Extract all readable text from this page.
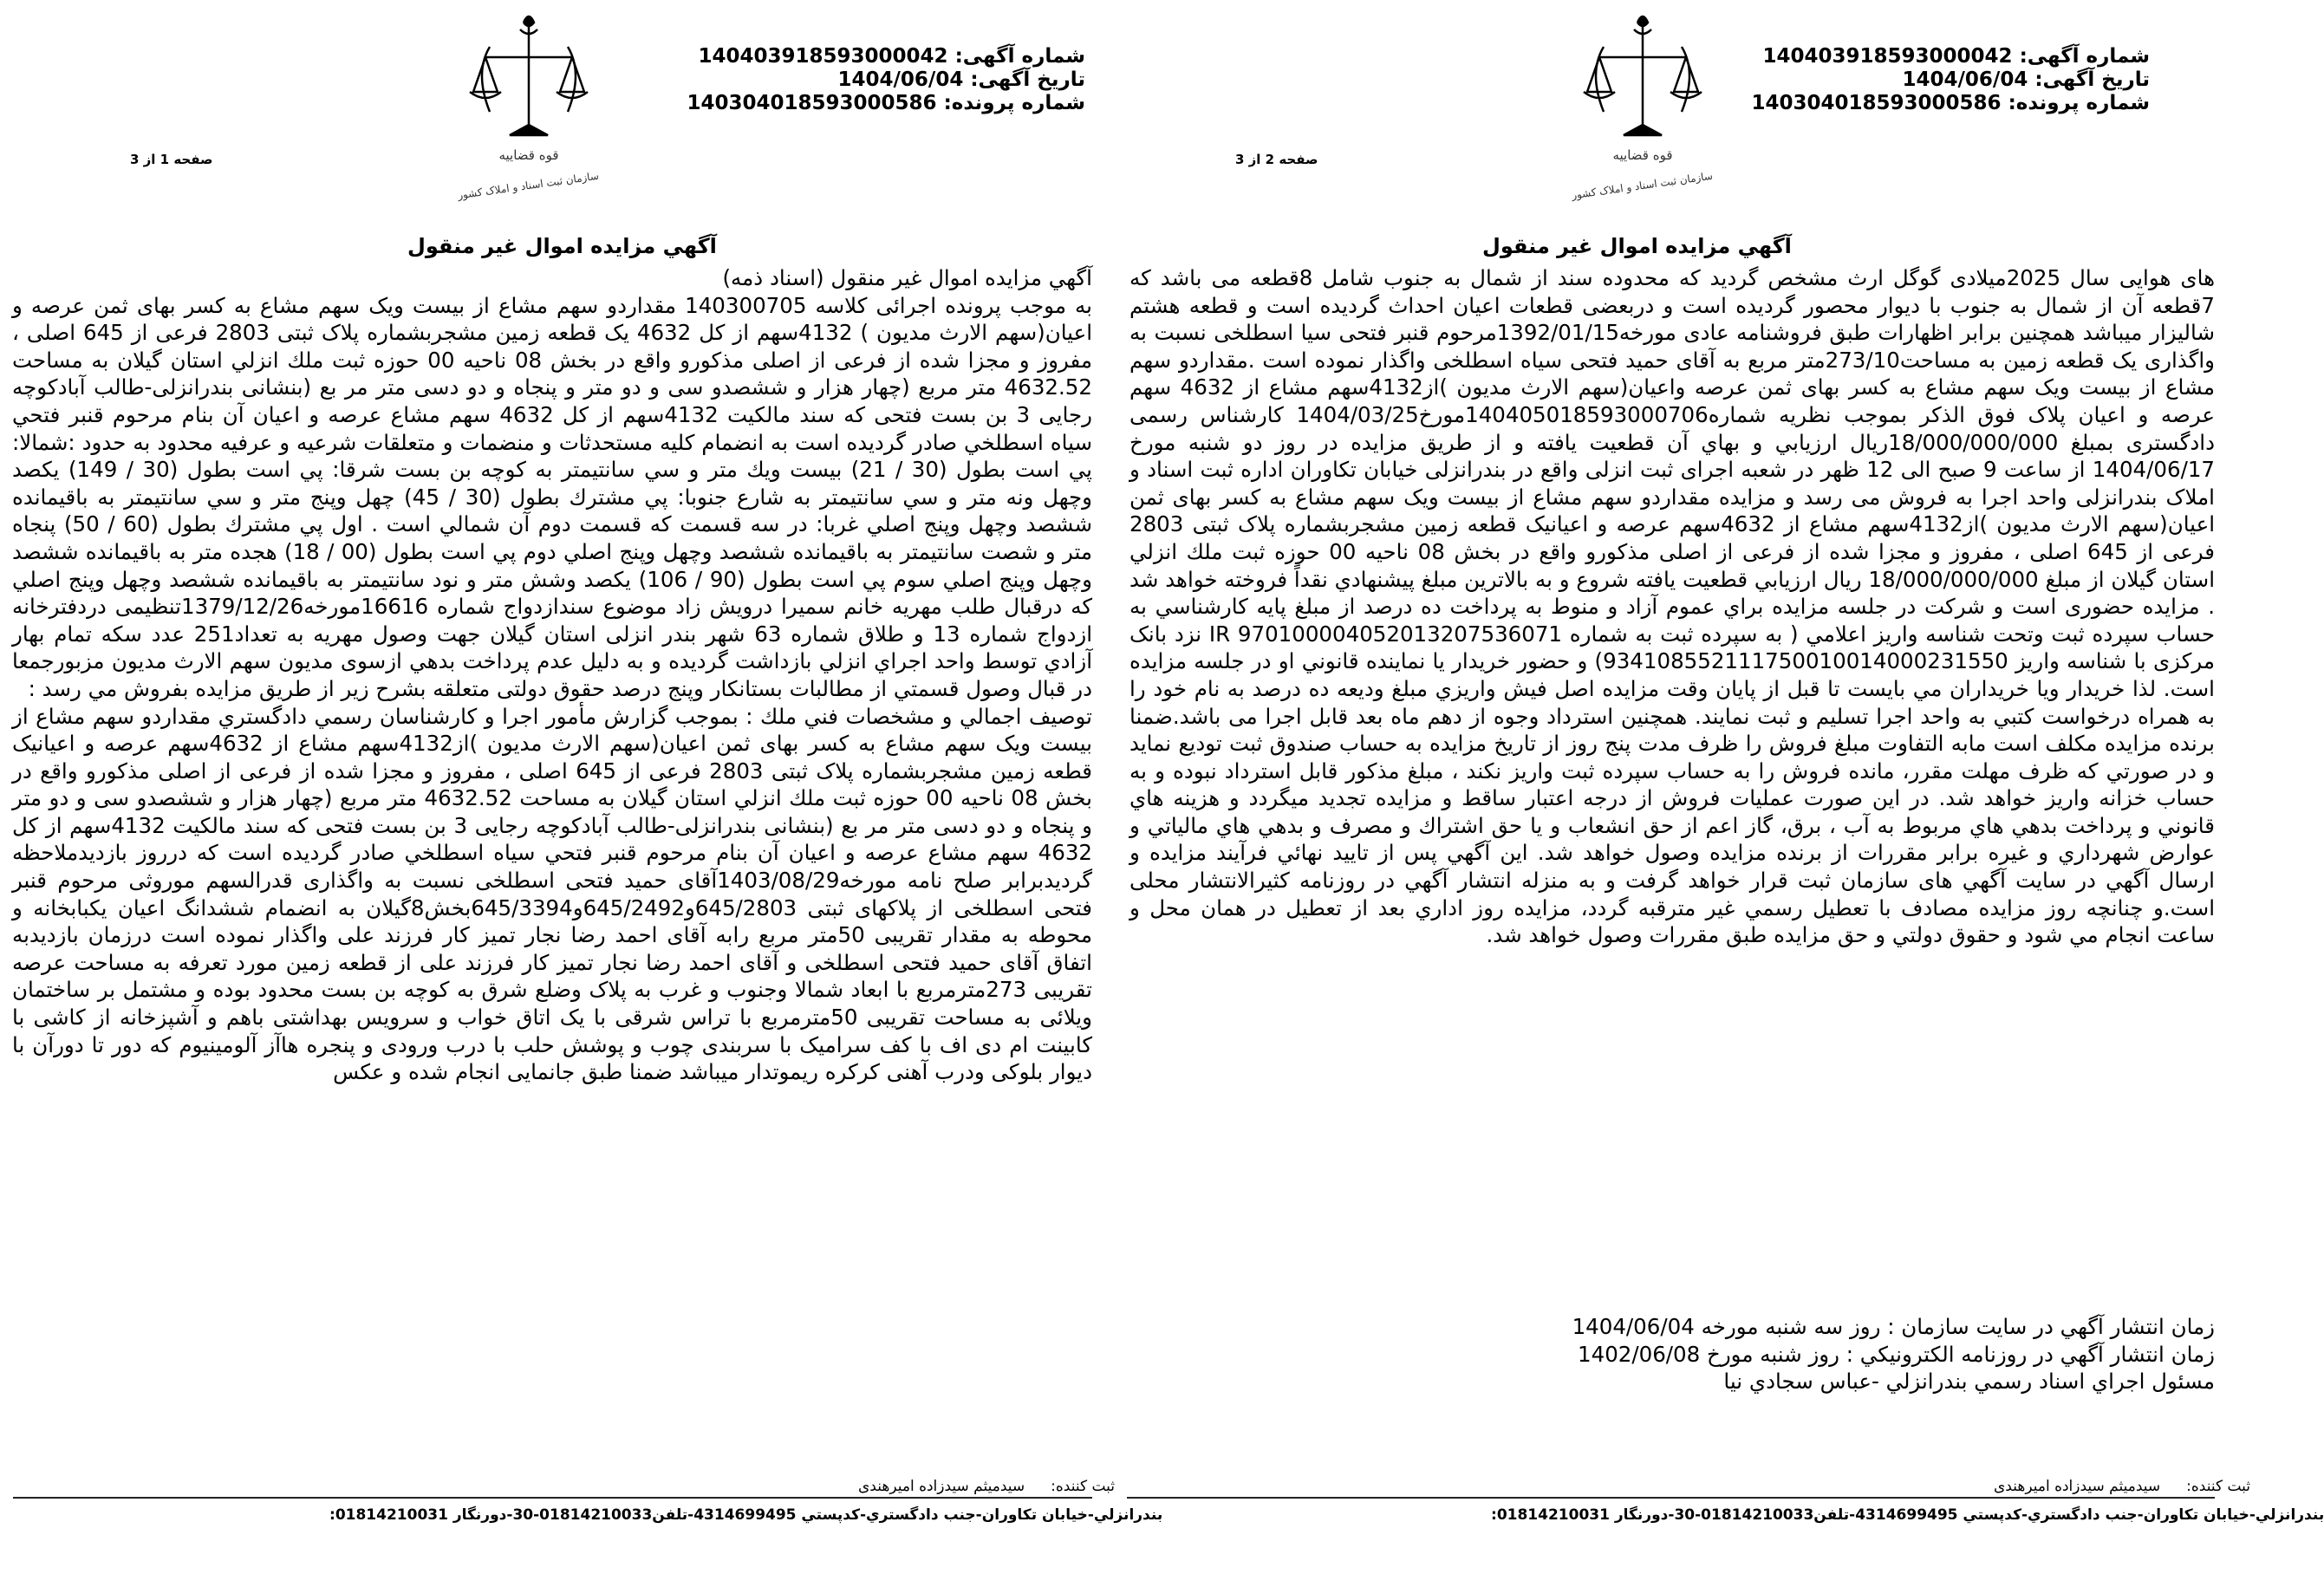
شماره آگهی: 140403918593000042
تاریخ آگهی: 1404/06/04
شماره پرونده: 140304018593000586
قوه قضاییه
سازمان ثبت اسناد و املاک کشور
صفحه 1 از 3
آگهي مزايده اموال غير منقول

آگهي مزايده اموال غير منقول (اسناد ذمه)

به موجب پرونده اجرائی کلاسه 140300705 مقداردو سهم مشاع از بیست ویک سهم مشاع به کسر بهای ثمن عرصه و اعیان(سهم الارث مدیون ) 4132سهم از کل 4632 یک قطعه زمین مشجربشماره پلاک ثبتی 2803 فرعی از 645 اصلی ، مفروز و مجزا شده از فرعی از اصلی مذکورو واقع در بخش 08 ناحيه 00 حوزه ثبت ملك انزلي استان گیلان به مساحت 4632.52 متر مربع (چهار هزار و ششصدو سی و دو متر و پنجاه و دو دسی متر مر بع (بنشانی بندرانزلی-طالب آبادکوچه رجایی 3 بن بست فتحی که سند مالکیت 4132سهم از کل 4632 سهم مشاع عرصه و اعيان آن بنام مرحوم قنبر فتحي سياه اسطلخي صادر گرديده است به انضمام كليه مستحدثات و منضمات و متعلقات شرعيه و عرفيه محدود به حدود :شمالا: پي است بطول (30 / 21) بيست ويك متر و سي سانتيمتر به كوچه بن بست شرقا: پي است بطول (30 / 149) يكصد وچهل ونه متر و سي سانتيمتر به شارع جنوبا: پي مشترك بطول (30 / 45) چهل وپنج متر و سي سانتيمتر به باقيمانده ششصد وچهل وپنج اصلي غربا: در سه قسمت كه قسمت دوم آن شمالي است . اول پي مشترك بطول (60 / 50) پنجاه متر و شصت سانتيمتر به باقيمانده ششصد وچهل وپنج اصلي دوم پي است بطول (00 / 18) هجده متر به باقيمانده ششصد وچهل وپنج اصلي سوم پي است بطول (90 / 106) يكصد وشش متر و نود سانتيمتر به باقيمانده ششصد وچهل وپنج اصلي كه درقبال طلب مهریه خانم سمیرا درویش زاد موضوع سندازدواج شماره 16616مورخه1379/12/26تنظیمی دردفترخانه ازدواج شماره 13 و طلاق شماره 63 شهر بندر انزلی استان گیلان جهت وصول مهریه به تعداد251 عدد سکه تمام بهار آزادي توسط واحد اجراي انزلي بازداشت گرديده و به دليل عدم پرداخت بدهي ازسوی مدیون سهم الارث مدیون مزبورجمعا در قبال وصول قسمتي از مطالبات بستانكار وپنج درصد حقوق دولتی متعلقه بشرح زير از طريق مزايده بفروش مي رسد :

توصيف اجمالي و مشخصات فني ملك : بموجب گزارش مأمور اجرا و كارشناسان رسمي دادگستري مقداردو سهم مشاع از بیست ویک سهم مشاع به کسر بهای ثمن اعیان(سهم الارث مدیون )از4132سهم مشاع از 4632سهم عرصه و اعیانیک قطعه زمین مشجربشماره پلاک ثبتی 2803 فرعی از 645 اصلی ، مفروز و مجزا شده از فرعی از اصلی مذکورو واقع در بخش 08 ناحيه 00 حوزه ثبت ملك انزلي استان گیلان به مساحت 4632.52 متر مربع (چهار هزار و ششصدو سی و دو متر و پنجاه و دو دسی متر مر بع (بنشانی بندرانزلی-طالب آبادکوچه رجایی 3 بن بست فتحی که سند مالکیت 4132سهم از کل 4632 سهم مشاع عرصه و اعيان آن بنام مرحوم قنبر فتحي سياه اسطلخي صادر گرديده است که درروز بازدیدملاحظه گردیدبرابر صلح نامه مورخه1403/08/29آقای حمید فتحی اسطلخی نسبت به واگذاری قدرالسهم موروثی مرحوم قنبر فتحی اسطلخی از پلاکهای ثبتی 645/2803و645/2492و645/3394بخش8گیلان به انضمام ششدانگ اعیان یکبابخانه و محوطه به مقدار تقریبی 50متر مربع رابه آقای احمد رضا نجار تمیز کار فرزند علی واگذار نموده است درزمان بازدیدبه اتفاق آقای حمید فتحی اسطلخی و آقای احمد رضا نجار تمیز کار فرزند علی از قطعه زمین مورد تعرفه به مساحت عرصه تقریبی 273مترمربع با ابعاد شمالا وجنوب و غرب به پلاک وضلع شرق به کوچه بن بست محدود بوده و مشتمل بر ساختمان ویلائی به مساحت تقریبی 50مترمربع با تراس شرقی با یک اتاق خواب و سرویس بهداشتی باهم و آشپزخانه از کاشی با کابینت ام دی اف با کف سرامیک با سربندی چوب و پوشش حلب با درب ورودی و پنجره هاآز آلومینیوم که دور تا دورآن با دیوار بلوکی ودرب آهنی کرکره ریموتدار میباشد ضمنا طبق جانمایی انجام شده و عکس

ثبت کننده:سیدمیثم سیدزاده امیرهندی
بندرانزلي-خيابان تكاوران-جنب دادگستري-كدپستي 4314699495-تلفن01814210033-30-دورنگار 01814210031:
شماره آگهی: 140403918593000042
تاریخ آگهی: 1404/06/04
شماره پرونده: 140304018593000586
قوه قضاییه
سازمان ثبت اسناد و املاک کشور
صفحه 2 از 3
آگهي مزايده اموال غير منقول

های هوایی سال 2025میلادی گوگل ارث مشخص گردید که محدوده سند از شمال به جنوب شامل 8قطعه می باشد که 7قطعه آن از شمال به جنوب با دیوار محصور گردیده است و دربعضی قطعات اعیان احداث گردیده است و قطعه هشتم شالیزار میباشد همچنین برابر اظهارات طبق فروشنامه عادی مورخه1392/01/15مرحوم قنبر فتحی سیا اسطلخی نسبت به واگذاری یک قطعه زمین به مساحت273/10متر مربع به آقای حمید فتحی سیاه اسطلخی واگذار نموده است .مقداردو سهم مشاع از بیست ویک سهم مشاع به کسر بهای ثمن عرصه واعیان(سهم الارث مدیون )از4132سهم مشاع از 4632 سهم عرصه و اعیان پلاک فوق الذکر بموجب نظریه شماره140405018593000706مورخ1404/03/25 کارشناس رسمی دادگستری بمبلغ 18/000/000/000ريال ارزيابي و بهاي آن قطعيت يافته و از طريق مزايده در روز دو شنبه مورخ 1404/06/17 از ساعت 9 صبح الی 12 ظهر در شعبه اجرای ثبت انزلی واقع در بندرانزلی خیابان تکاوران اداره ثبت اسناد و املاک بندرانزلی واحد اجرا به فروش می رسد و مزايده مقداردو سهم مشاع از بیست ویک سهم مشاع به کسر بهای ثمن اعیان(سهم الارث مدیون )از4132سهم مشاع از 4632سهم عرصه و اعیانیک قطعه زمین مشجربشماره پلاک ثبتی 2803 فرعی از 645 اصلی ، مفروز و مجزا شده از فرعی از اصلی مذکورو واقع در بخش 08 ناحيه 00 حوزه ثبت ملك انزلي استان گیلان از مبلغ 18/000/000/000 ريال ارزيابي قطعيت يافته شروع و به بالاترين مبلغ پيشنهادي نقداً فروخته خواهد شد . مزايده حضوری است و شركت در جلسه مزايده براي عموم آزاد و منوط به پرداخت ده درصد از مبلغ پايه كارشناسي به حساب سپرده ثبت وتحت شناسه واريز اعلامي ( به سپرده ثبت به شماره IR 970100004052013207536071 نزد بانک مرکزی با شناسه واریز 934108552111750010014000231550) و حضور خريدار يا نماينده قانوني او در جلسه مزايده است. لذا خريدار ويا خريداران مي بايست تا قبل از پايان وقت مزايده اصل فيش واريزي مبلغ وديعه ده درصد به نام خود را به همراه درخواست كتبي به واحد اجرا تسليم و ثبت نمايند. همچنین استرداد وجوه از دهم ماه بعد قابل اجرا می باشد.ضمنا برنده مزايده مكلف است مابه التفاوت مبلغ فروش را ظرف مدت پنج روز از تاريخ مزايده به حساب صندوق ثبت توديع نمايد و در صورتي كه ظرف مهلت مقرر، مانده فروش را به حساب سپرده ثبت واريز نكند ، مبلغ مذكور قابل استرداد نبوده و به حساب خزانه واريز خواهد شد. در اين صورت عمليات فروش از درجه اعتبار ساقط و مزايده تجديد ميگردد و هزينه هاي قانوني و پرداخت بدهي هاي مربوط به آب ، برق، گاز اعم از حق انشعاب و يا حق اشتراك و مصرف و بدهي هاي مالياتي و عوارض شهرداري و غيره برابر مقررات از برنده مزايده وصول خواهد شد. اين آگهي پس از تاييد نهائي فرآیند مزايده و ارسال آگهي در سایت آگهي های سازمان ثبت قرار خواهد گرفت و به منزله انتشار آگهي در روزنامه كثيرالانتشار محلی است.و چنانچه روز مزايده مصادف با تعطيل رسمي غير مترقبه گردد، مزايده روز اداري بعد از تعطيل در همان محل و ساعت انجام مي شود و حقوق دولتي و حق مزايده طبق مقررات وصول خواهد شد.

زمان انتشار آگهي در سايت سازمان : روز سه شنبه مورخه 1404/06/04
زمان انتشار آگهي در روزنامه الكترونيكي : روز شنبه مورخ 1402/06/08
مسئول اجراي اسناد رسمي بندرانزلي -عباس سجادي نيا
ثبت کننده:سیدمیثم سیدزاده امیرهندی
بندرانزلي-خيابان تكاوران-جنب دادگستري-كدپستي 4314699495-تلفن01814210033-30-دورنگار 01814210031:
